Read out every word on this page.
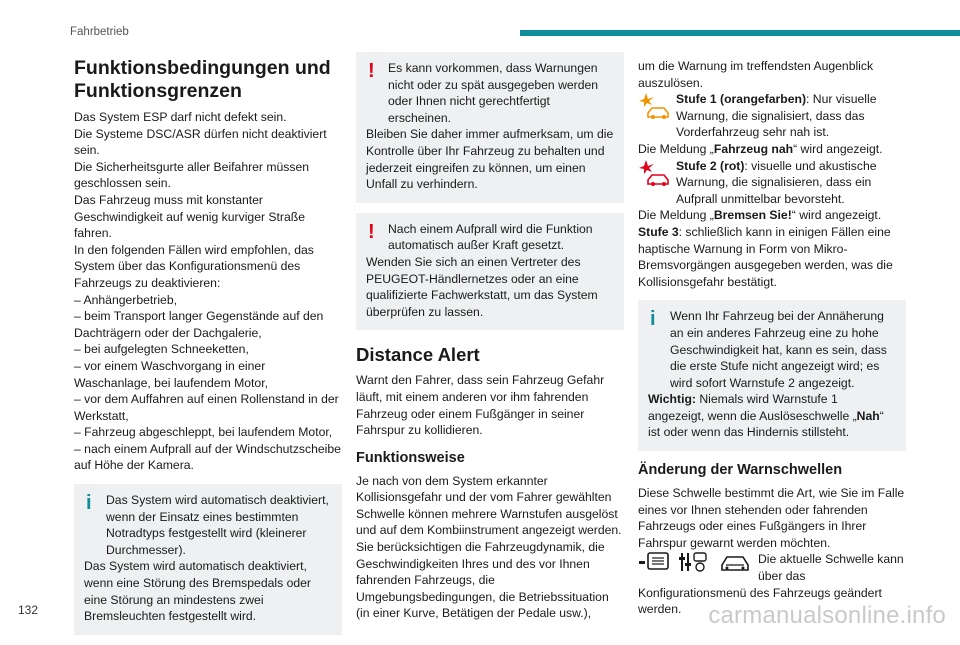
Fahrbetrieb
Funktionsbedingungen und Funktionsgrenzen

Das System ESP darf nicht defekt sein.

Die Systeme DSC/ASR dürfen nicht deaktiviert sein.

Die Sicherheitsgurte aller Beifahrer müssen geschlossen sein.

Das Fahrzeug muss mit konstanter Geschwindigkeit auf wenig kurviger Straße fahren.

In den folgenden Fällen wird empfohlen, das System über das Konfigurationsmenü des Fahrzeugs zu deaktivieren:

– Anhängerbetrieb,

– beim Transport langer Gegenstände auf den Dachträgern oder der Dachgalerie,

– bei aufgelegten Schneeketten,

– vor einem Waschvorgang in einer Waschanlage, bei laufendem Motor,

– vor dem Auffahren auf einen Rollenstand in der Werkstatt,

– Fahrzeug abgeschleppt, bei laufendem Motor,

– nach einem Aufprall auf der Windschutzscheibe auf Höhe der Kamera.

i	Das System wird automatisch deaktiviert, wenn der Einsatz eines bestimmten Notradtyps festgestellt wird (kleinerer Durchmesser).

Das System wird automatisch deaktiviert, wenn eine Störung des Bremspedals oder eine Störung an mindestens zwei Bremsleuchten festgestellt wird.

!	Es kann vorkommen, dass Warnungen nicht oder zu spät ausgegeben werden oder Ihnen nicht gerechtfertigt erscheinen.

Bleiben Sie daher immer aufmerksam, um die Kontrolle über Ihr Fahrzeug zu behalten und jederzeit eingreifen zu können, um einen Unfall zu verhindern.

!	Nach einem Aufprall wird die Funktion automatisch außer Kraft gesetzt.

Wenden Sie sich an einen Vertreter des PEUGEOT-Händlernetzes oder an eine qualifizierte Fachwerkstatt, um das System überprüfen zu lassen.

Distance Alert

Warnt den Fahrer, dass sein Fahrzeug Gefahr läuft, mit einem anderen vor ihm fahrenden Fahrzeug oder einem Fußgänger in seiner Fahrspur zu kollidieren.

Funktionsweise

Je nach von dem System erkannter Kollisionsgefahr und der vom Fahrer gewählten Schwelle können mehrere Warnstufen ausgelöst und auf dem Kombiinstrument angezeigt werden.

Sie berücksichtigen die Fahrzeugdynamik, die Geschwindigkeiten Ihres und des vor Ihnen fahrenden Fahrzeugs, die Umgebungsbedingungen, die Betriebssituation (in einer Kurve, Betätigen der Pedale usw.),

um die Warnung im treffendsten Augenblick auszulösen.

Stufe 1 (orangefarben): Nur visuelle Warnung, die signalisiert, dass das Vorderfahrzeug sehr nah ist.

Die Meldung „Fahrzeug nah“ wird angezeigt.

Stufe 2 (rot): visuelle und akustische Warnung, die signalisieren, dass ein Aufprall unmittelbar bevorsteht.

Die Meldung „Bremsen Sie!“ wird angezeigt.

Stufe 3: schließlich kann in einigen Fällen eine haptische Warnung in Form von Mikro-Bremsvorgängen ausgegeben werden, was die Kollisionsgefahr bestätigt.

i	Wenn Ihr Fahrzeug bei der Annäherung an ein anderes Fahrzeug eine zu hohe Geschwindigkeit hat, kann es sein, dass die erste Stufe nicht angezeigt wird; es wird sofort Warnstufe 2 angezeigt.

Wichtig: Niemals wird Warnstufe 1 angezeigt, wenn die Auslöseschwelle „Nah“ ist oder wenn das Hindernis stillsteht.

Änderung der Warnschwellen

Diese Schwelle bestimmt die Art, wie Sie im Falle eines vor Ihnen stehenden oder fahrenden Fahrzeugs oder eines Fußgängers in Ihrer Fahrspur gewarnt werden möchten.

Die aktuelle Schwelle kann über das Konfigurationsmenü des Fahrzeugs geändert werden.

132	carmanualsonline.info
